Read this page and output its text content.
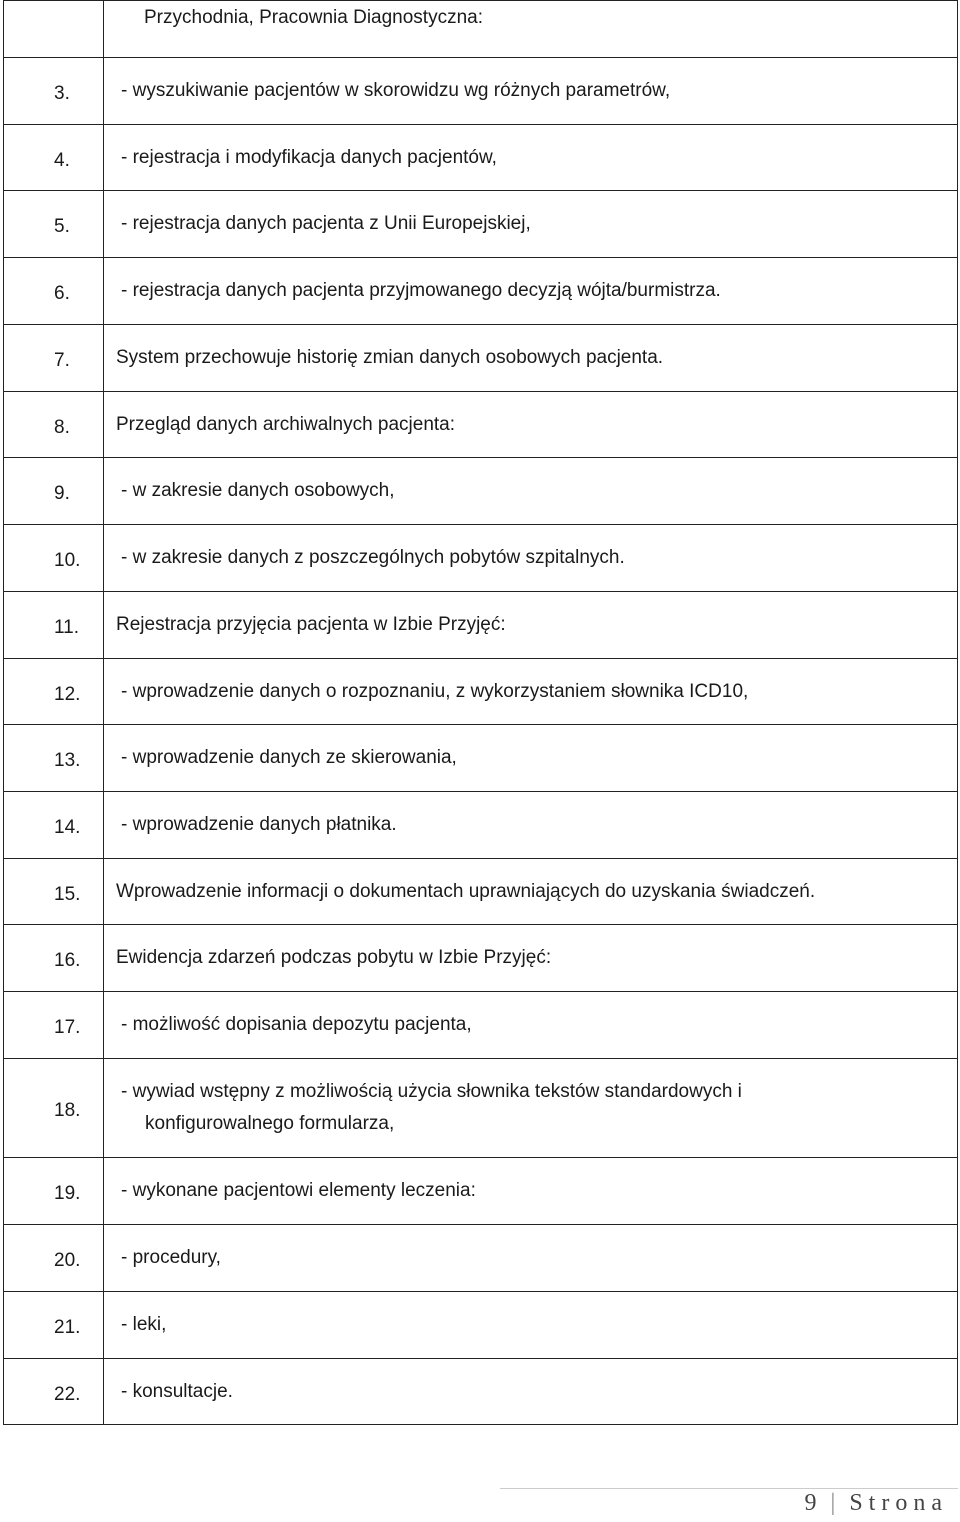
	Przychodnia, Pracownia Diagnostyczna:
3.	- wyszukiwanie pacjentów w skorowidzu wg różnych parametrów,
4.	- rejestracja i modyfikacja danych pacjentów,
5.	- rejestracja danych pacjenta z Unii Europejskiej,
6.	- rejestracja danych pacjenta przyjmowanego decyzją wójta/burmistrza.
7.	System przechowuje historię zmian danych osobowych pacjenta.
8.	Przegląd danych archiwalnych pacjenta:
9.	- w zakresie danych osobowych,
10.	- w zakresie danych z poszczególnych pobytów szpitalnych.
11.	Rejestracja przyjęcia pacjenta w Izbie Przyjęć:
12.	- wprowadzenie danych o rozpoznaniu, z wykorzystaniem słownika ICD10,
13.	- wprowadzenie danych ze skierowania,
14.	- wprowadzenie danych płatnika.
15.	Wprowadzenie informacji o dokumentach uprawniających do uzyskania świadczeń.
16.	Ewidencja zdarzeń podczas pobytu w Izbie Przyjęć:
17.	- możliwość dopisania depozytu pacjenta,
18.	- wywiad wstępny z możliwością użycia słownika tekstów standardowych i konfigurowalnego formularza,

19.	- wykonane pacjentowi elementy leczenia:
20.	- procedury,
21.	- leki,
22.	- konsultacje.
9 | Strona
